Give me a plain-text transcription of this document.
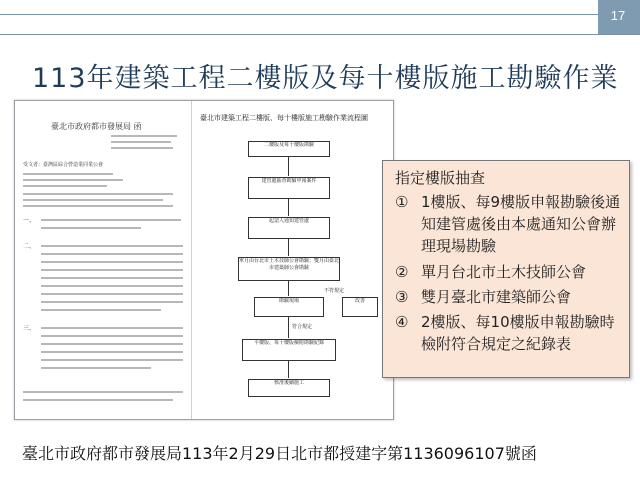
17
113年建築工程二樓版及每十樓版施工勘驗作業
臺北市政府都市發展局 函
受文者：臺灣區綜合營造業同業公會
一、
二、
三、
臺北市建築工程二樓版、每十樓版施工勘驗作業流程圖
二樓版及每十樓版勘驗
建管處抽查勘驗申報案件
起造人通知建管處
單月由台北市土木技師公會勘驗；雙月由臺北市建築師公會勘驗
勘驗現場	改善
不符規定
符合規定
平樓版、每十樓版檢附勘驗紀錄
核准後續施工
指定樓版抽查
① 1樓版、每9樓版申報勘驗後通知建管處後由本處通知公會辦理現場勘驗
② 單月台北市土木技師公會
③ 雙月臺北市建築師公會
④ 2樓版、每10樓版申報勘驗時檢附符合規定之紀錄表
臺北市政府都市發展局113年2月29日北市都授建字第1136096107號函
